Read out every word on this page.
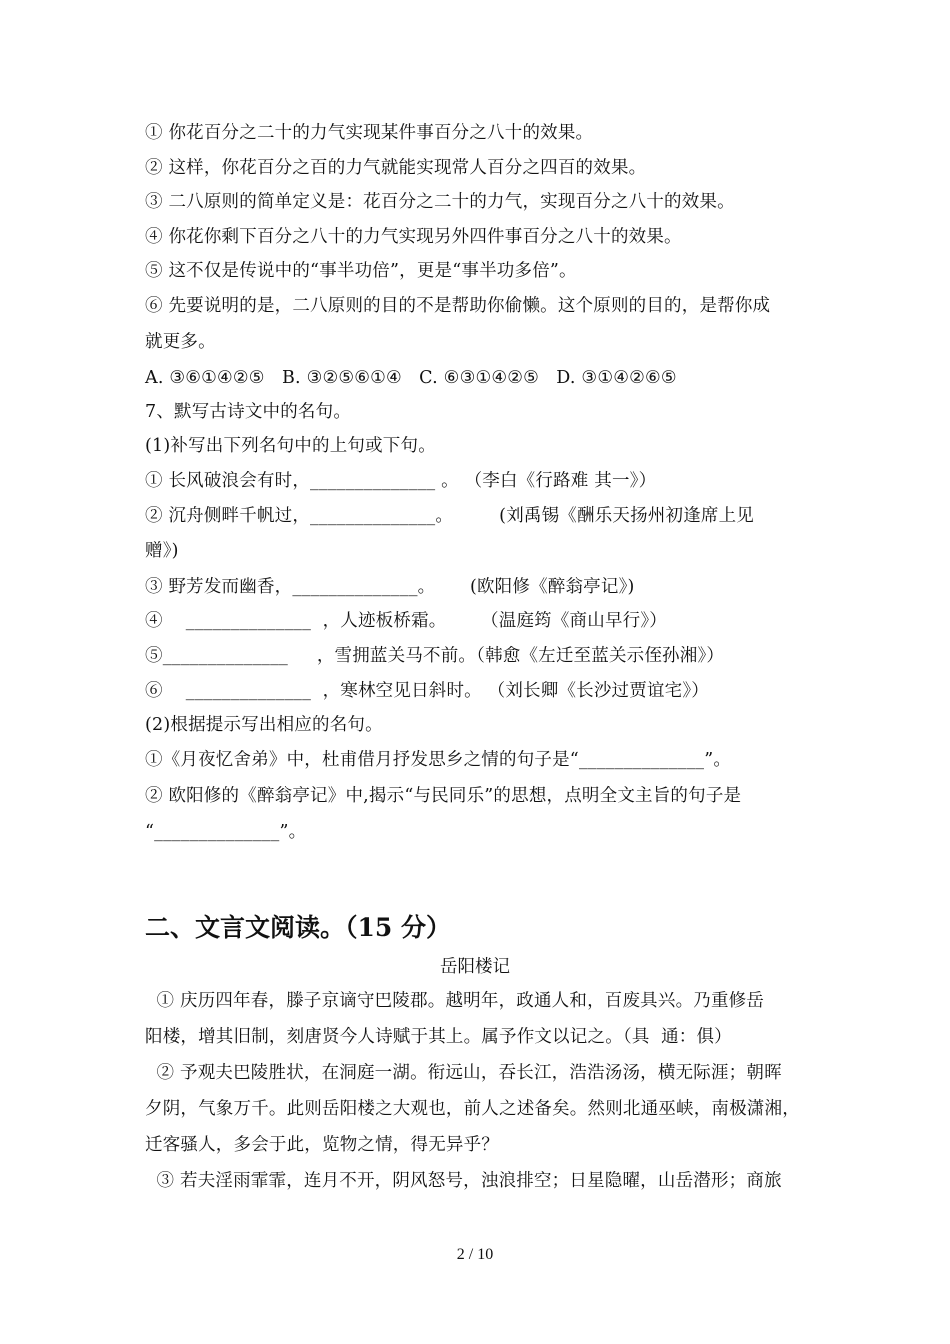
① 你花百分之二十的力气实现某件事百分之八十的效果。
② 这样，你花百分之百的力气就能实现常人百分之四百的效果。
③ 二八原则的简单定义是：花百分之二十的力气，实现百分之八十的效果。
④ 你花你剩下百分之八十的力气实现另外四件事百分之八十的效果。
⑤ 这不仅是传说中的“事半功倍”，更是“事半功多倍”。
⑥ 先要说明的是，二八原则的目的不是帮助你偷懒。这个原则的目的，是帮你成
就更多。
A. ③⑥①④②⑤   B. ③②⑤⑥①④   C. ⑥③①④②⑤   D. ③①④②⑥⑤
7、默写古诗文中的名句。
(1)补写出下列名句中的上句或下句。
① 长风破浪会有时，______________ 。 （李白《行路难 其一》）
② 沉舟侧畔千帆过，______________。        (刘禹锡《酬乐天扬州初逢席上见
赠》)
③ 野芳发而幽香，______________。      (欧阳修《醉翁亭记》)
④    ______________  ，人迹板桥霜。      （温庭筠《商山早行》）
⑤______________     ，雪拥蓝关马不前。（韩愈《左迁至蓝关示侄孙湘》）
⑥    ______________  ，寒林空见日斜时。 （刘长卿《长沙过贾谊宅》）
(2)根据提示写出相应的名句。
①《月夜忆舍弟》中，杜甫借月抒发思乡之情的句子是“______________”。
② 欧阳修的《醉翁亭记》中,揭示“与民同乐”的思想，点明全文主旨的句子是
“______________”。
二、文言文阅读。（15 分）
岳阳楼记
① 庆历四年春，滕子京谪守巴陵郡。越明年，政通人和，百废具兴。乃重修岳
阳楼，增其旧制，刻唐贤今人诗赋于其上。属予作文以记之。（具  通：俱）
② 予观夫巴陵胜状，在洞庭一湖。衔远山，吞长江，浩浩汤汤，横无际涯；朝晖
夕阴，气象万千。此则岳阳楼之大观也，前人之述备矣。然则北通巫峡，南极潇湘，
迁客骚人，多会于此，览物之情，得无异乎？
③ 若夫淫雨霏霏，连月不开，阴风怒号，浊浪排空；日星隐曜，山岳潜形；商旅
2 / 10
